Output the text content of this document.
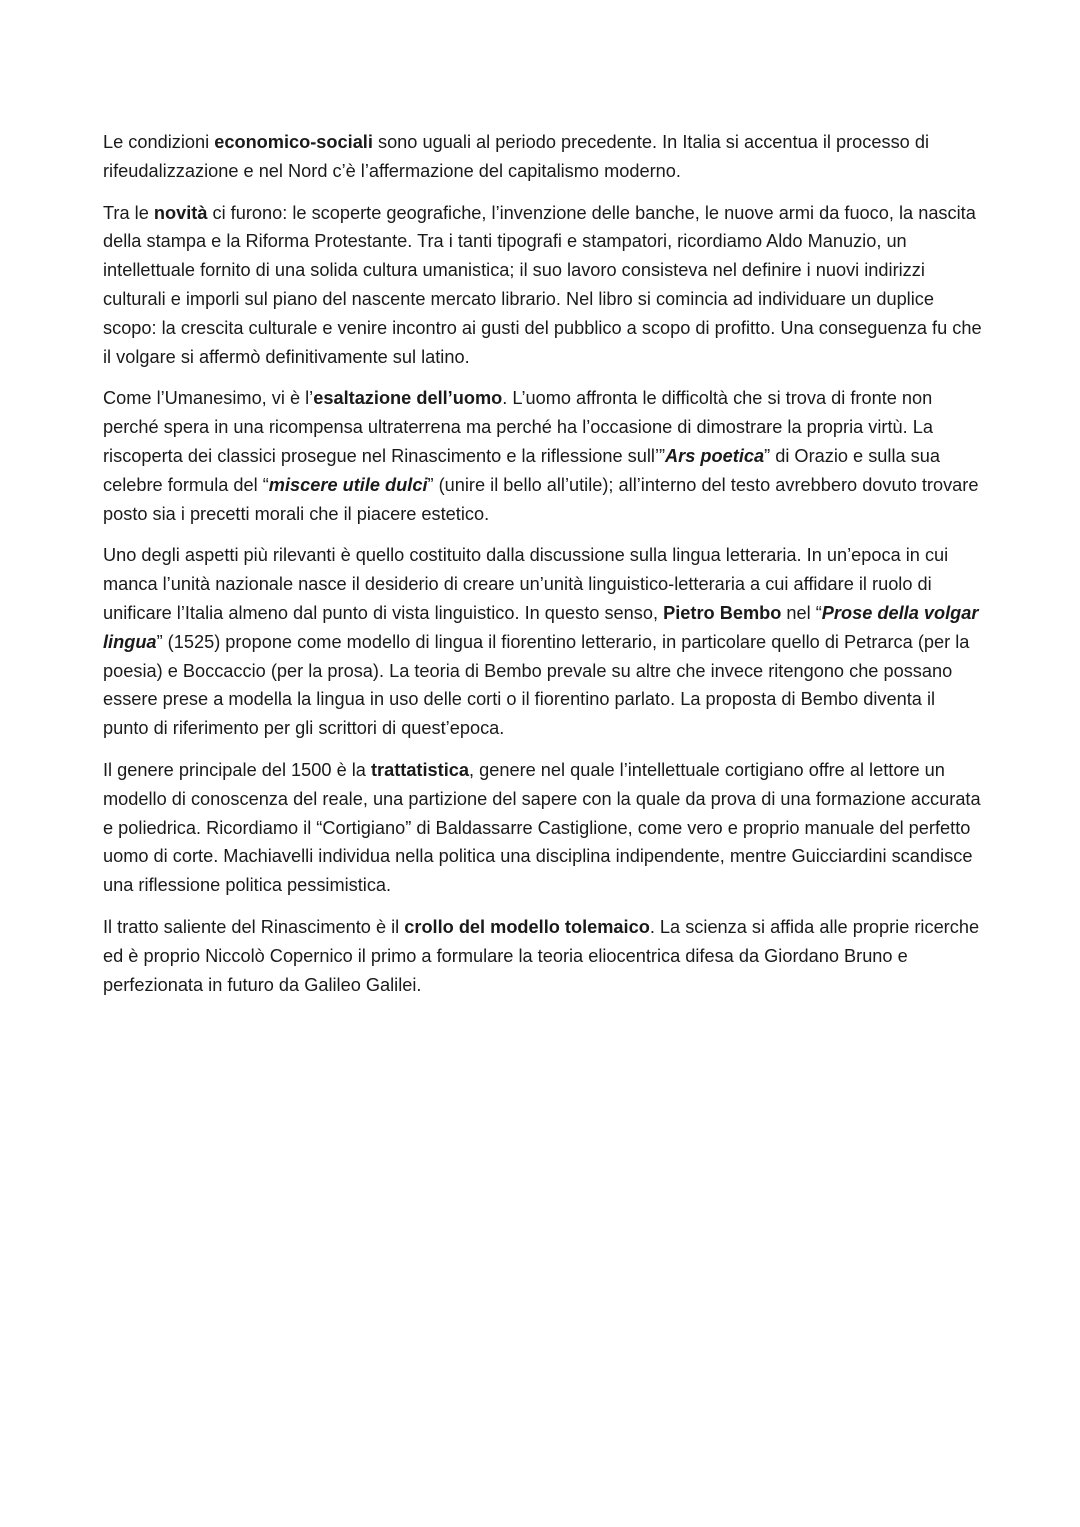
Le condizioni economico-sociali sono uguali al periodo precedente. In Italia si accentua il processo di rifeudalizzazione e nel Nord c’è l’affermazione del capitalismo moderno.

Tra le novità ci furono: le scoperte geografiche, l’invenzione delle banche, le nuove armi da fuoco, la nascita della stampa e la Riforma Protestante. Tra i tanti tipografi e stampatori, ricordiamo Aldo Manuzio, un intellettuale fornito di una solida cultura umanistica; il suo lavoro consisteva nel definire i nuovi indirizzi culturali e imporli sul piano del nascente mercato librario. Nel libro si comincia ad individuare un duplice scopo: la crescita culturale e venire incontro ai gusti del pubblico a scopo di profitto. Una conseguenza fu che il volgare si affermò definitivamente sul latino.

Come l’Umanesimo, vi è l’esaltazione dell’uomo. L’uomo affronta le difficoltà che si trova di fronte non perché spera in una ricompensa ultraterrena ma perché ha l’occasione di dimostrare la propria virtù. La riscoperta dei classici prosegue nel Rinascimento e la riflessione sull’”Ars poetica” di Orazio e sulla sua celebre formula del “miscere utile dulci” (unire il bello all’utile); all’interno del testo avrebbero dovuto trovare posto sia i precetti morali che il piacere estetico.

Uno degli aspetti più rilevanti è quello costituito dalla discussione sulla lingua letteraria. In un’epoca in cui manca l’unità nazionale nasce il desiderio di creare un’unità linguistico-letteraria a cui affidare il ruolo di unificare l’Italia almeno dal punto di vista linguistico. In questo senso, Pietro Bembo nel “Prose della volgar lingua” (1525) propone come modello di lingua il fiorentino letterario, in particolare quello di Petrarca (per la poesia) e Boccaccio (per la prosa). La teoria di Bembo prevale su altre che invece ritengono che possano essere prese a modella la lingua in uso delle corti o il fiorentino parlato. La proposta di Bembo diventa il punto di riferimento per gli scrittori di quest’epoca.

Il genere principale del 1500 è la trattatistica, genere nel quale l’intellettuale cortigiano offre al lettore un modello di conoscenza del reale, una partizione del sapere con la quale da prova di una formazione accurata e poliedrica. Ricordiamo il “Cortigiano” di Baldassarre Castiglione, come vero e proprio manuale del perfetto uomo di corte. Machiavelli individua nella politica una disciplina indipendente, mentre Guicciardini scandisce una riflessione politica pessimistica.

Il tratto saliente del Rinascimento è il crollo del modello tolemaico. La scienza si affida alle proprie ricerche ed è proprio Niccolò Copernico il primo a formulare la teoria eliocentrica difesa da Giordano Bruno e perfezionata in futuro da Galileo Galilei.
